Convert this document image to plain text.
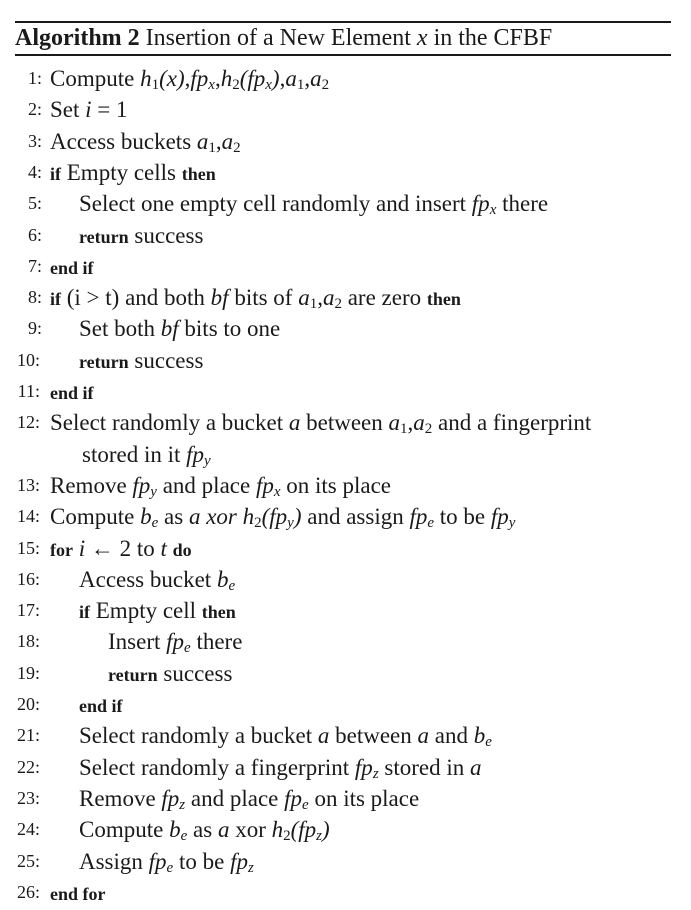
Algorithm 2 Insertion of a New Element x in the CFBF
1: Compute $h_1(x),fp_x,h_2(fp_x),a_1,a_2$
2: Set i = 1
3: Access buckets $a_1,a_2$
4: if Empty cells then
5: Select one empty cell randomly and insert $fp_x$ there
6: return success
7: end if
8: if (i > t) and both bf bits of $a_1,a_2$ are zero then
9: Set both bf bits to one
10: return success
11: end if
12: Select randomly a bucket a between $a_1,a_2$ and a fingerprint
stored in it $fp_y$
13: Remove $fp_y$ and place $fp_x$ on its place
14: Compute $b_e$ as a xor $h_2(fp_y)$ and assign $fp_e$ to be $fp_y$
15: for i ← 2 to t do
16: Access bucket $b_e$
17: if Empty cell then
18:	Insert $fp_e$ there
19:	return success
20: end if
21: Select randomly a bucket a between a and $b_e$
22: Select randomly a fingerprint $fp_z$ stored in a
23: Remove $fp_z$ and place $fp_e$ on its place
24: Compute $b_e$ as a xor $h_2(fp_z)$
25: Assign $fp_e$ to be $fp_z$
26: end for
